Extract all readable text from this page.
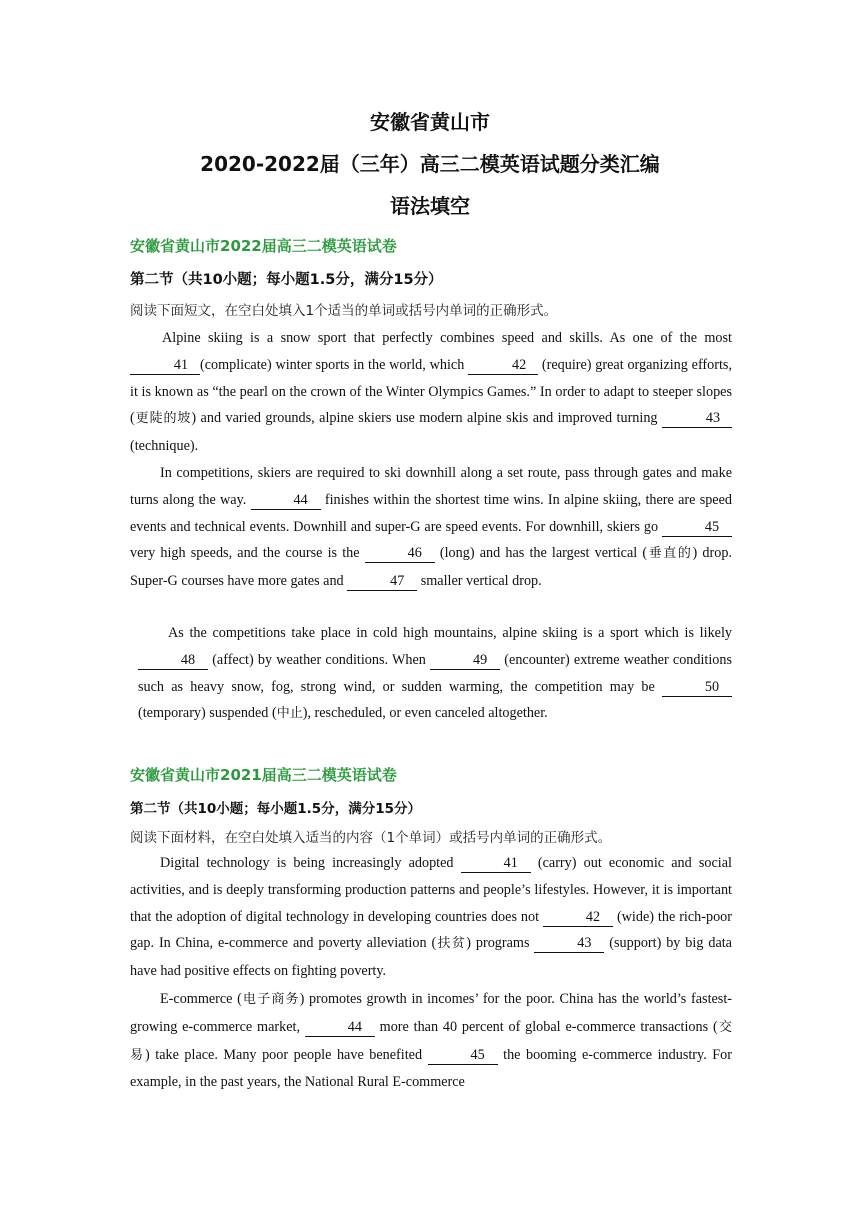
安徽省黄山市
2020-2022届（三年）高三二模英语试题分类汇编
语法填空
安徽省黄山市2022届高三二模英语试卷
第二节（共10小题；每小题1.5分，满分15分）
阅读下面短文，在空白处填入1个适当的单词或括号内单词的正确形式。

Alpine skiing is a snow sport that perfectly combines speed and skills. As one of the most 41 (complicate) winter sports in the world, which	42 (require) great organizing efforts, it is known as “the pearl on the crown of the Winter Olympics Games.” In order to adapt to steeper slopes (更陡的坡) and varied grounds, alpine skiers use modern alpine skis and improved turning	43(technique).

In competitions, skiers are required to ski downhill along a set route, pass through gates and make turns along the way.	44 finishes within the shortest time wins. In alpine skiing, there are speed events and technical events. Downhill and super-G are speed events. For downhill, skiers go	45 very high speeds, and the course is the	46 (long) and has the largest vertical (垂直的) drop. Super-G courses have more gates and	47 smaller vertical drop.

As the competitions take place in cold high mountains, alpine skiing is a sport which is likely48 (affect) by weather conditions. When	49 (encounter) extreme weather conditions such as heavy snow, fog, strong wind, or sudden warming, the competition may be	50(temporary) suspended (中止), rescheduled, or even canceled altogether.

安徽省黄山市2021届高三二模英语试卷
第二节（共10小题；每小题1.5分，满分15分）
阅读下面材料，在空白处填入适当的内容（1个单词）或括号内单词的正确形式。

Digital technology is being increasingly adopted	41 (carry) out economic and social activities, and is deeply transforming production patterns and people’s lifestyles. However, it is important that the adoption of digital technology in developing countries does not	42 (wide) the rich-poor gap. In China, e-commerce and poverty alleviation (扶贫) programs	43 (support) by big data have had positive effects on fighting poverty.

E-commerce (电子商务) promotes growth in incomes’ for the poor. China has the world’s fastest-growing e-commerce market,	44 more than 40 percent of global e-commerce transactions (交易) take place. Many poor people have benefited	45 the booming e-commerce industry. For example, in the past years, the National Rural E-commerce
